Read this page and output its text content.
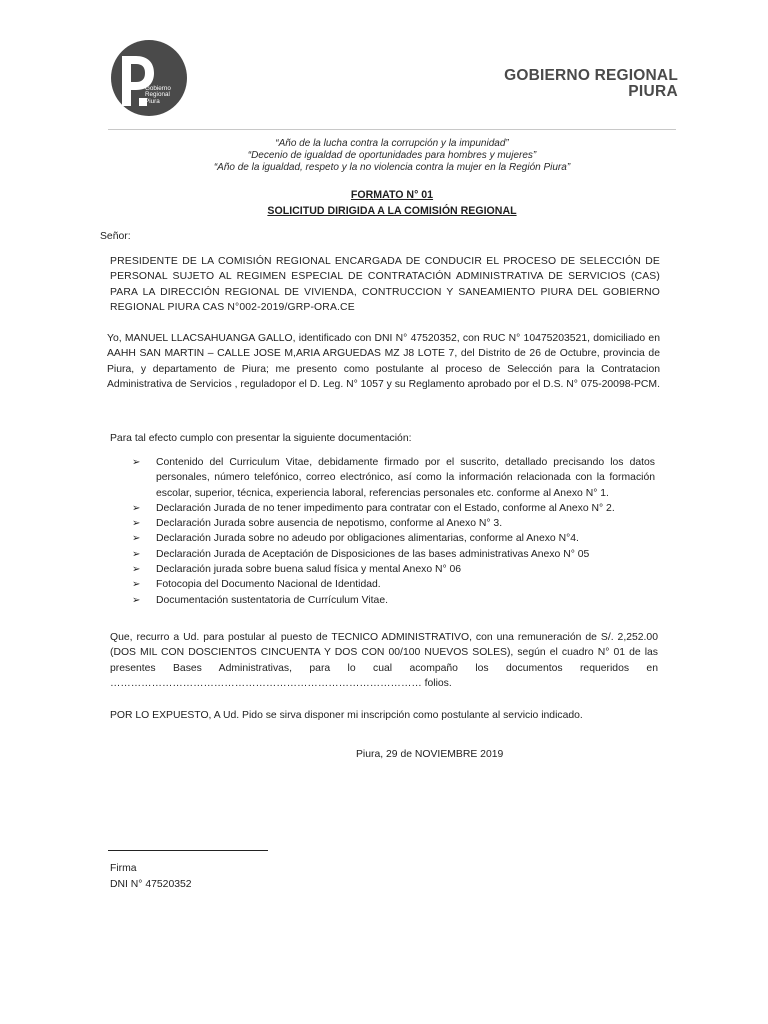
Gobierno
Regional
Piura
GOBIERNO REGIONAL
PIURA
“Año de la lucha contra la corrupción y la impunidad”
“Decenio de igualdad de oportunidades para hombres y mujeres”
“Año de la igualdad, respeto y la no violencia contra la mujer en la Región Piura”
FORMATO N° 01
SOLICITUD DIRIGIDA A LA COMISIÓN REGIONAL
Señor:
PRESIDENTE DE LA COMISIÓN REGIONAL ENCARGADA DE CONDUCIR EL PROCESO DE SELECCIÓN DE PERSONAL SUJETO AL REGIMEN ESPECIAL DE CONTRATACIÓN ADMINISTRATIVA DE SERVICIOS (CAS) PARA LA DIRECCIÓN REGIONAL DE VIVIENDA, CONTRUCCION Y SANEAMIENTO PIURA DEL GOBIERNO REGIONAL PIURA CAS N°002-2019/GRP-ORA.CE
Yo, MANUEL LLACSAHUANGA GALLO, identificado con DNI N° 47520352, con RUC N° 10475203521, domiciliado en AAHH SAN MARTIN – CALLE JOSE M,ARIA ARGUEDAS MZ J8 LOTE 7, del Distrito de 26 de Octubre, provincia de Piura, y departamento de Piura; me presento como postulante al proceso de Selección para la Contratacion Administrativa de Servicios , reguladopor el D. Leg. N° 1057 y su Reglamento aprobado por el D.S. N° 075-20098-PCM.
Para tal efecto cumplo con presentar la siguiente documentación:
➢ Contenido del Curriculum Vitae, debidamente firmado por el suscrito, detallado precisando los datos personales, número telefónico, correo electrónico, así como la información relacionada con la formación escolar, superior, técnica, experiencia laboral, referencias personales etc. conforme al Anexo N° 1.
➢ Declaración Jurada de no tener impedimento para contratar con el Estado, conforme al Anexo N° 2.
➢ Declaración Jurada sobre ausencia de nepotismo, conforme al Anexo N° 3.
➢ Declaración Jurada sobre no adeudo por obligaciones alimentarias, conforme al Anexo N°4.
➢ Declaración Jurada de Aceptación de Disposiciones de las bases administrativas Anexo N° 05
➢ Declaración jurada sobre buena salud física y mental Anexo N° 06
➢ Fotocopia del Documento Nacional de Identidad.
➢ Documentación sustentatoria de Currículum Vitae.
Que, recurro a Ud. para postular al puesto de TECNICO ADMINISTRATIVO, con una remuneración de S/. 2,252.00 (DOS MIL CON DOSCIENTOS CINCUENTA Y DOS CON 00/100 NUEVOS SOLES), según el cuadro N° 01 de las presentes Bases Administrativas, para lo cual acompaño los documentos requeridos en ……………………………………………………………………………… folios.
POR LO EXPUESTO, A Ud. Pido se sirva disponer mi inscripción como postulante al servicio indicado.
Piura, 29 de NOVIEMBRE 2019
Firma
DNI N° 47520352
